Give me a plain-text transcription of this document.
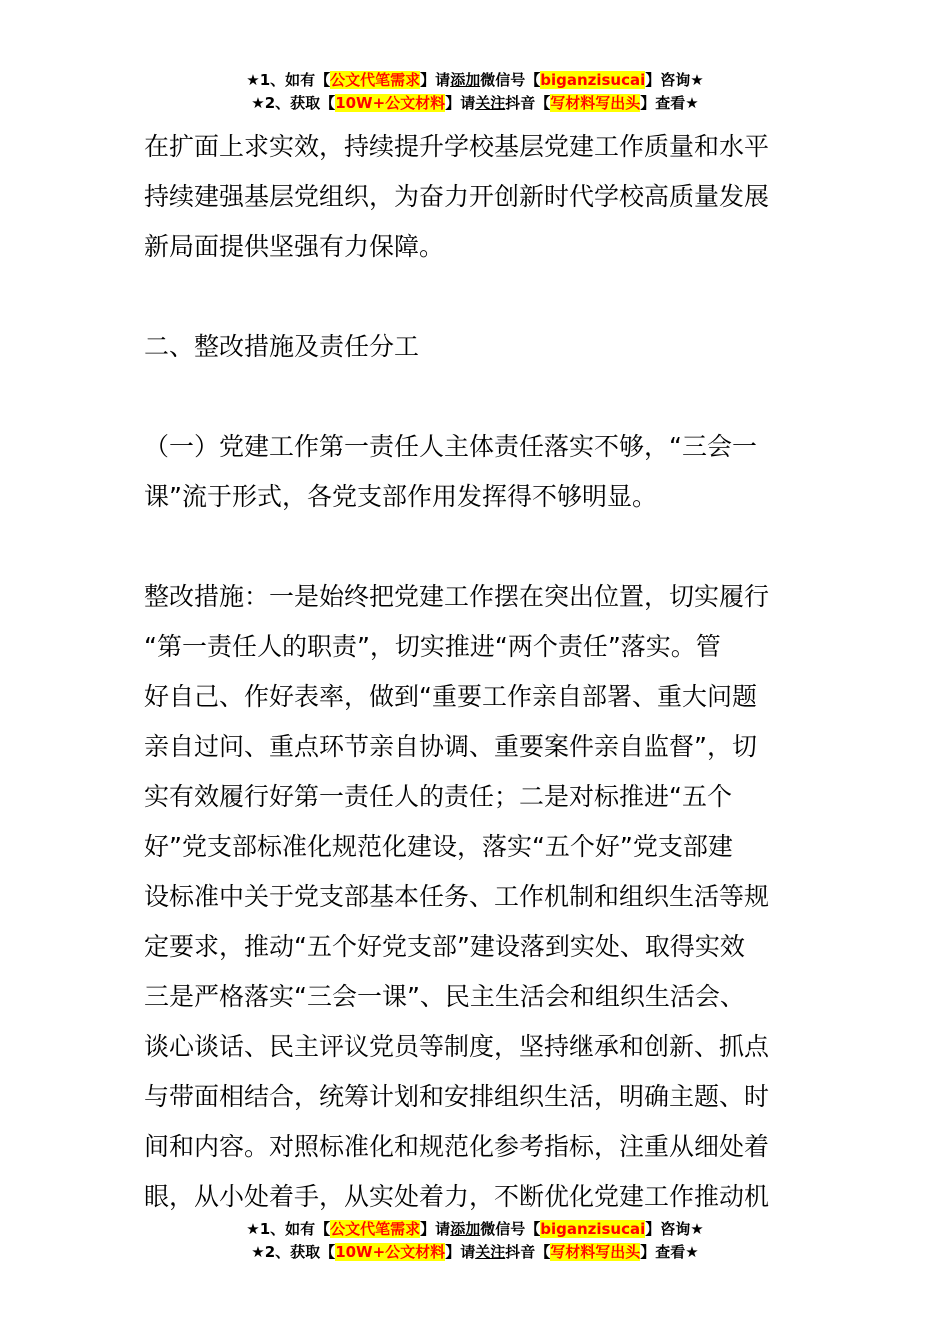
★1、如有【公文代笔需求】请添加微信号【biganzisucai】咨询★
★2、获取【10W+公文材料】请关注抖音【写材料写出头】查看★

在扩面上求实效，持续提升学校基层党建工作质量和水平
持续建强基层党组织，为奋力开创新时代学校高质量发展
新局面提供坚强有力保障。

二、整改措施及责任分工

（一）党建工作第一责任人主体责任落实不够，“三会一
课”流于形式，各党支部作用发挥得不够明显。

整改措施：一是始终把党建工作摆在突出位置，切实履行
“第一责任人的职责”，切实推进“两个责任”落实。管
好自己、作好表率，做到“重要工作亲自部署、重大问题
亲自过问、重点环节亲自协调、重要案件亲自监督”，切
实有效履行好第一责任人的责任；二是对标推进“五个
好”党支部标准化规范化建设，落实“五个好”党支部建
设标准中关于党支部基本任务、工作机制和组织生活等规
定要求，推动“五个好党支部”建设落到实处、取得实效
三是严格落实“三会一课”、民主生活会和组织生活会、
谈心谈话、民主评议党员等制度，坚持继承和创新、抓点
与带面相结合，统筹计划和安排组织生活，明确主题、时
间和内容。对照标准化和规范化参考指标，注重从细处着
眼，从小处着手，从实处着力，不断优化党建工作推动机

★1、如有【公文代笔需求】请添加微信号【biganzisucai】咨询★
★2、获取【10W+公文材料】请关注抖音【写材料写出头】查看★
